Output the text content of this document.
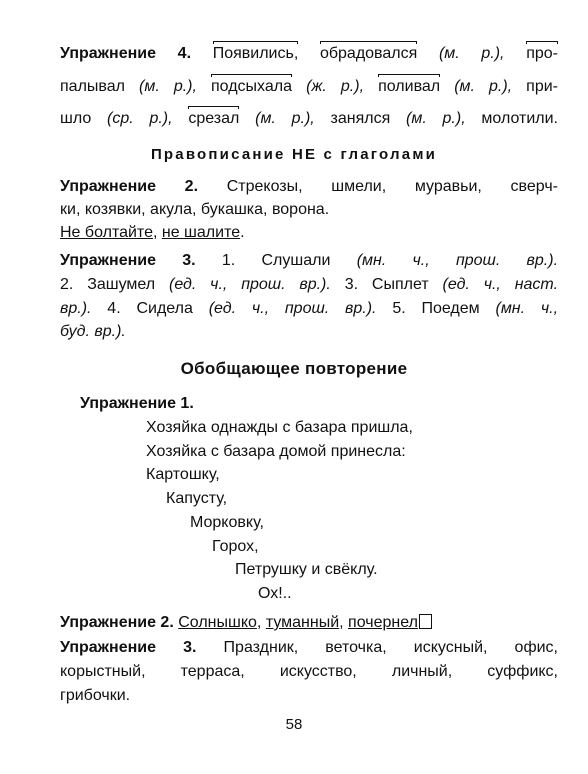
Упражнение 4. Появились, обрадовался (м. р.), про-
палывал (м. р.), подсыхала (ж. р.), поливал (м. р.), при-
шло (ср. р.), срезал (м. р.), занялся (м. р.), молотили.
Правописание НЕ с глаголами
Упражнение 2. Стрекозы, шмели, муравьи, сверч-
ки, козявки, акула, букашка, ворона.
Не болтайте, не шалите.
Упражнение 3. 1. Слушали (мн. ч., прош. вр.).
2. Зашумел (ед. ч., прош. вр.). 3. Сыплет (ед. ч., наст.
вр.). 4. Сидела (ед. ч., прош. вр.). 5. Поедем (мн. ч.,
буд. вр.).
Обобщающее повторение
Упражнение 1.
Хозяйка однажды с базара пришла,
Хозяйка с базара домой принесла:
Картошку,
Капусту,
Морковку,
Горох,
Петрушку и свёклу.
Ох!..
Упражнение 2. Солнышко, туманный, почернел
Упражнение 3. Праздник, веточка, искусный, офис,
корыстный, терраса, искусство, личный, суффикс,
грибочки.
58
